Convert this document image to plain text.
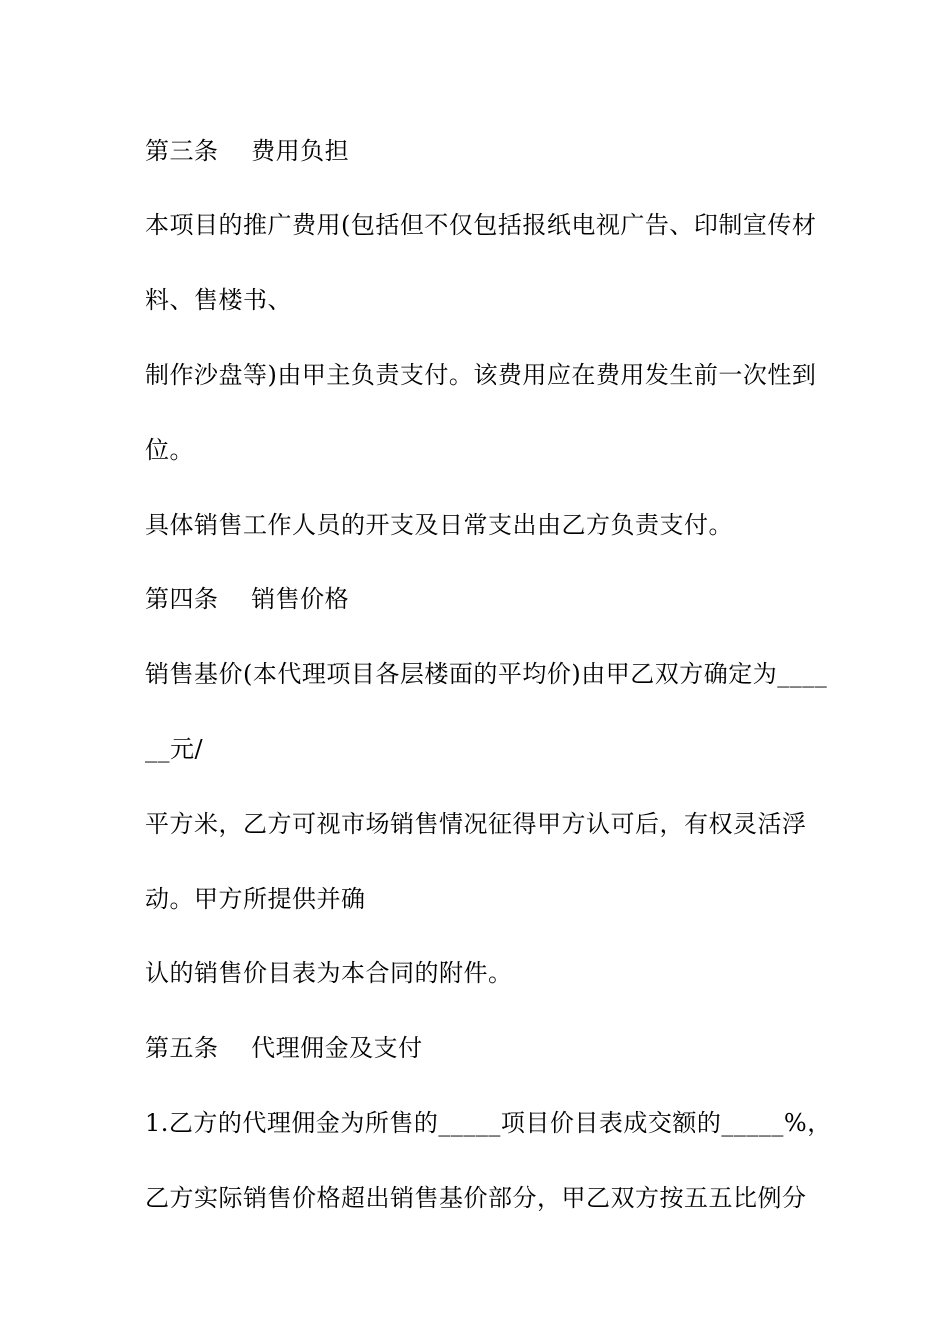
第三条　 费用负担
本项目的推广费用(包括但不仅包括报纸电视广告、印制宣传材
料、售楼书、
制作沙盘等)由甲主负责支付。该费用应在费用发生前一次性到
位。
具体销售工作人员的开支及日常支出由乙方负责支付。
第四条　 销售价格
销售基价(本代理项目各层楼面的平均价)由甲乙双方确定为____
__元/
平方米，乙方可视市场销售情况征得甲方认可后，有权灵活浮
动。甲方所提供并确
认的销售价目表为本合同的附件。
第五条　 代理佣金及支付
1.乙方的代理佣金为所售的_____项目价目表成交额的_____%，
乙方实际销售价格超出销售基价部分，甲乙双方按五五比例分
